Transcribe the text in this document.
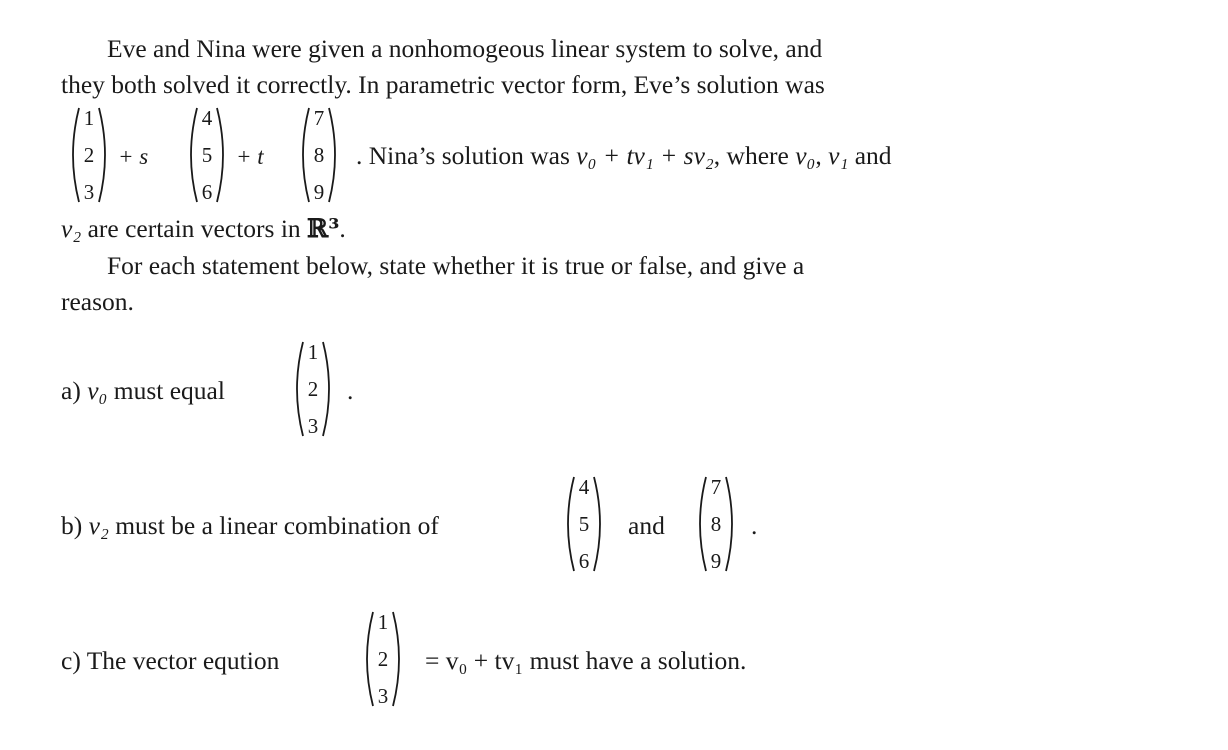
Eve and Nina were given a nonhomogeous linear system to solve, and
they both solved it correctly. In parametric vector form, Eve’s solution was
1
2
3
+ s
4
5
6
+ t
7
8
9
. Nina’s solution was v₀ + tv₁ + sv₂, where v₀, v₁ and
v₂ are certain vectors in ℝ³.
For each statement below, state whether it is true or false, and give a
reason.
a) v₀ must equal
1
2
3
.
b) v₂ must be a linear combination of
4
5
6
and
7
8
9
.
c) The vector eqution
1
2
3
= v₀ + tv₁ must have a solution.
